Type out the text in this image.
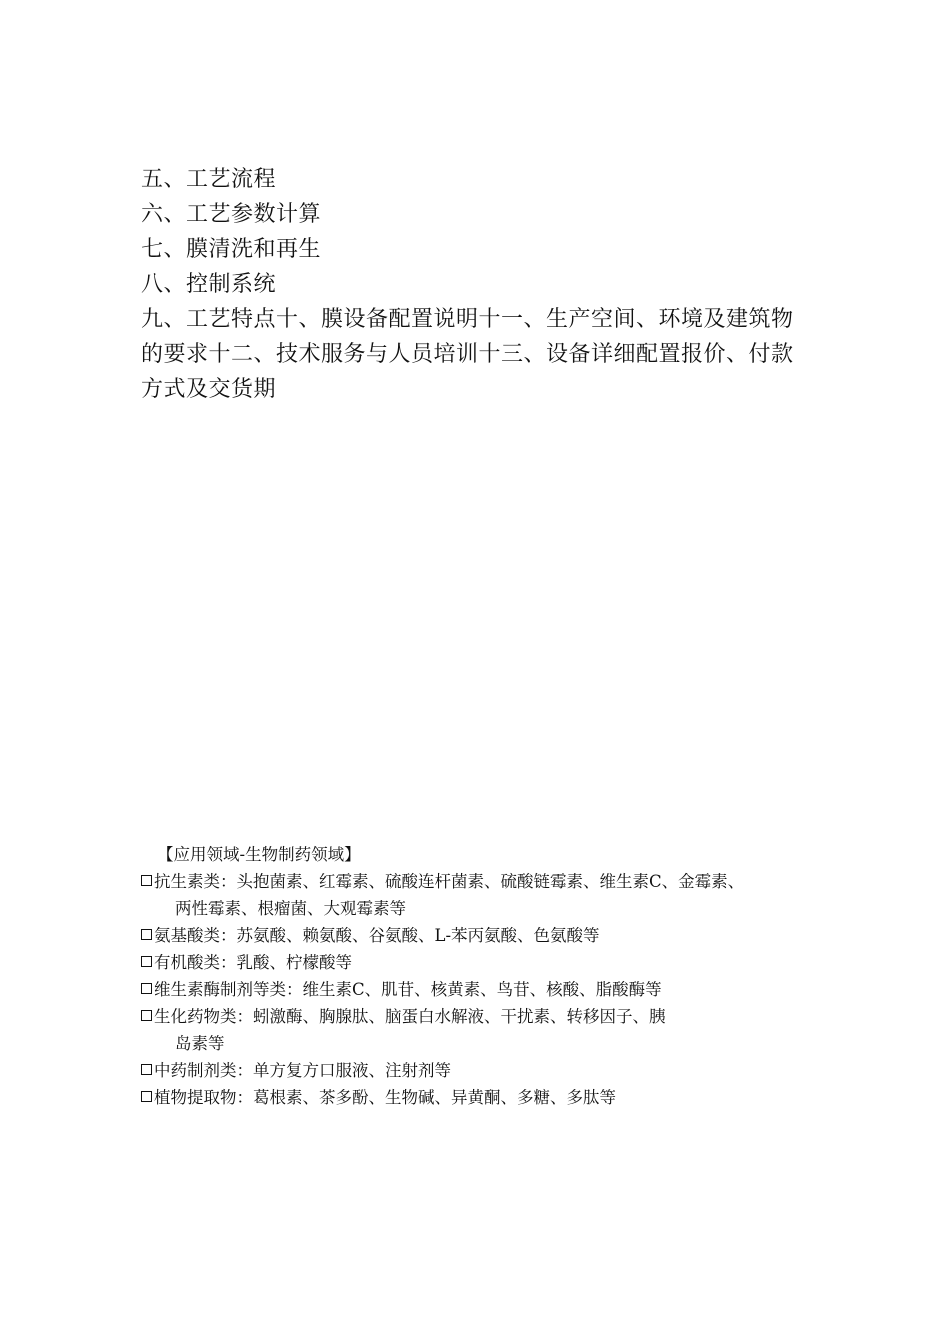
五、工艺流程

六、工艺参数计算

七、膜清洗和再生

八、控制系统

九、工艺特点十、膜设备配置说明十一、生产空间、环境及建筑物

的要求十二、技术服务与人员培训十三、设备详细配置报价、付款

方式及交货期

【应用领域-生物制药领域】
抗生素类：头抱菌素、红霉素、硫酸连杆菌素、硫酸链霉素、维生素C、金霉素、
两性霉素、根瘤菌、大观霉素等
氨基酸类：苏氨酸、赖氨酸、谷氨酸、L-苯丙氨酸、色氨酸等
有机酸类：乳酸、柠檬酸等
维生素酶制剂等类：维生素C、肌苷、核黄素、鸟苷、核酸、脂酸酶等
生化药物类：蚓激酶、胸腺肽、脑蛋白水解液、干扰素、转移因子、胰
岛素等
中药制剂类：单方复方口服液、注射剂等
植物提取物：葛根素、茶多酚、生物碱、异黄酮、多糖、多肽等
